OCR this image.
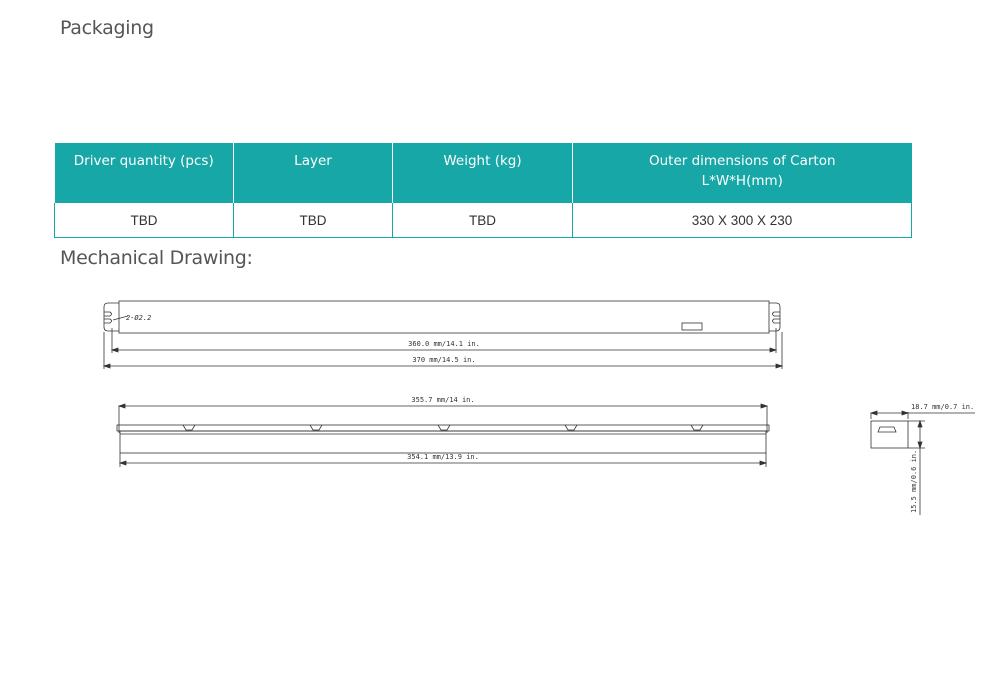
Packaging
Driver quantity (pcs)	Layer	Weight (kg)	Outer dimensions of Carton
L*W*H(mm)
TBD	TBD	TBD	330 X 300 X 230
Mechanical Drawing:
2-Ø2.2
360.0 mm/14.1 in.
370 mm/14.5 in.
355.7 mm/14 in.
354.1 mm/13.9 in.
18.7 mm/0.7 in.
15.5 mm/0.6 in.
